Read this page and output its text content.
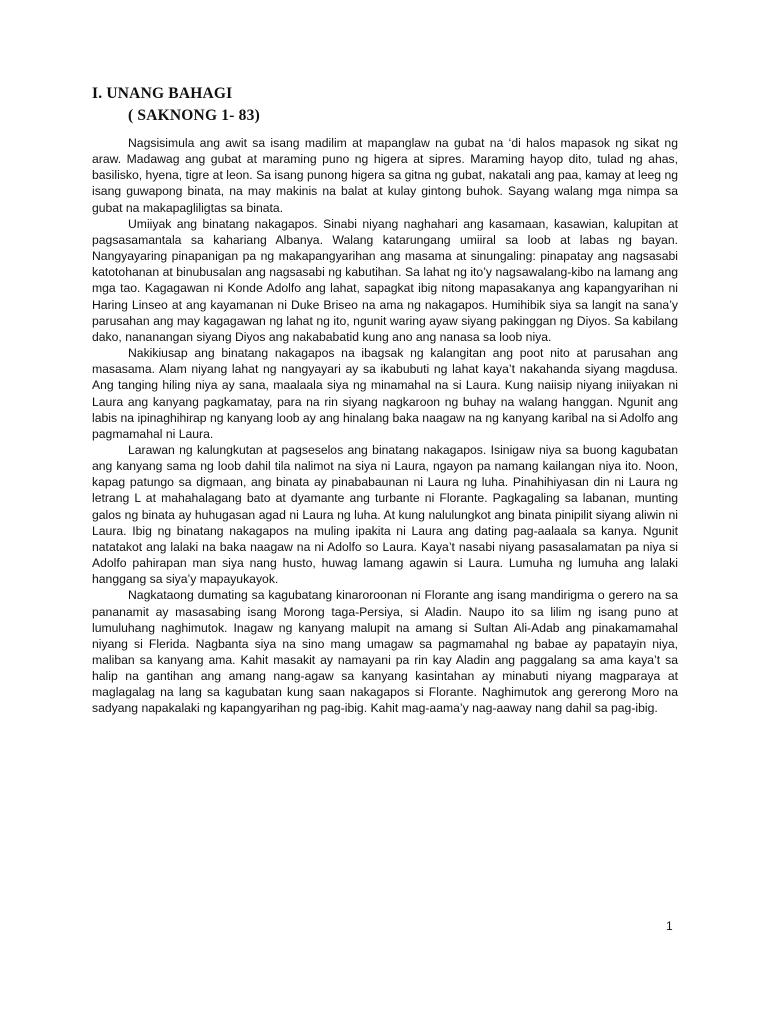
I. UNANG BAHAGI
( SAKNONG 1- 83)

Nagsisimula ang awit sa isang madilim at mapanglaw na gubat na ‘di halos mapasok ng sikat ng araw. Madawag ang gubat at maraming puno ng higera at sipres. Maraming hayop dito, tulad ng ahas, basilisko, hyena, tigre at leon. Sa isang punong higera sa gitna ng gubat, nakatali ang paa, kamay at leeg ng isang guwapong binata, na may makinis na balat at kulay gintong buhok. Sayang walang mga nimpa sa gubat na makapagliligtas sa binata.

Umiiyak ang binatang nakagapos. Sinabi niyang naghahari ang kasamaan, kasawian, kalupitan at pagsasamantala sa kahariang Albanya. Walang katarungang umiiral sa loob at labas ng bayan. Nangyayaring pinapanigan pa ng makapangyarihan ang masama at sinungaling: pinapatay ang nagsasabi katotohanan at binubusalan ang nagsasabi ng kabutihan. Sa lahat ng ito’y nagsawalang-kibo na lamang ang mga tao. Kagagawan ni Konde Adolfo ang lahat, sapagkat ibig nitong mapasakanya ang kapangyarihan ni Haring Linseo at ang kayamanan ni Duke Briseo na ama ng nakagapos. Humihibik siya sa langit na sana’y parusahan ang may kagagawan ng lahat ng ito, ngunit waring ayaw siyang pakinggan ng Diyos. Sa kabilang dako, nananangan siyang Diyos ang nakababatid kung ano ang nanasa sa loob niya.

Nakikiusap ang binatang nakagapos na ibagsak ng kalangitan ang poot nito at parusahan ang masasama. Alam niyang lahat ng nangyayari ay sa ikabubuti ng lahat kaya’t nakahanda siyang magdusa. Ang tanging hiling niya ay sana, maalaala siya ng minamahal na si Laura. Kung naiisip niyang iniiyakan ni Laura ang kanyang pagkamatay, para na rin siyang nagkaroon ng buhay na walang hanggan. Ngunit ang labis na ipinaghihirap ng kanyang loob ay ang hinalang baka naagaw na ng kanyang karibal na si Adolfo ang pagmamahal ni Laura.

Larawan ng kalungkutan at pagseselos ang binatang nakagapos. Isinigaw niya sa buong kagubatan ang kanyang sama ng loob dahil tila nalimot na siya ni Laura, ngayon pa namang kailangan niya ito. Noon, kapag patungo sa digmaan, ang binata ay pinababaunan ni Laura ng luha. Pinahihiyasan din ni Laura ng letrang L at mahahalagang bato at dyamante ang turbante ni Florante. Pagkagaling sa labanan, munting galos ng binata ay huhugasan agad ni Laura ng luha. At kung nalulungkot ang binata pinipilit siyang aliwin ni Laura. Ibig ng binatang nakagapos na muling ipakita ni Laura ang dating pag-aalaala sa kanya. Ngunit natatakot ang lalaki na baka naagaw na ni Adolfo so Laura. Kaya’t nasabi niyang pasasalamatan pa niya si Adolfo pahirapan man siya nang husto, huwag lamang agawin si Laura. Lumuha ng lumuha ang lalaki hanggang sa siya’y mapayukayok.

Nagkataong dumating sa kagubatang kinaroroonan ni Florante ang isang mandirigma o gerero na sa pananamit ay masasabing isang Morong taga-Persiya, si Aladin. Naupo ito sa lilim ng isang puno at lumuluhang naghimutok. Inagaw ng kanyang malupit na amang si Sultan Ali-Adab ang pinakamamahal niyang si Flerida. Nagbanta siya na sino mang umagaw sa pagmamahal ng babae ay papatayin niya, maliban sa kanyang ama. Kahit masakit ay namayani pa rin kay Aladin ang paggalang sa ama kaya’t sa halip na gantihan ang amang nang-agaw sa kanyang kasintahan ay minabuti niyang magparaya at maglagalag na lang sa kagubatan kung saan nakagapos si Florante. Naghimutok ang gererong Moro na sadyang napakalaki ng kapangyarihan ng pag-ibig. Kahit mag-aama’y nag-aaway nang dahil sa pag-ibig.

1
